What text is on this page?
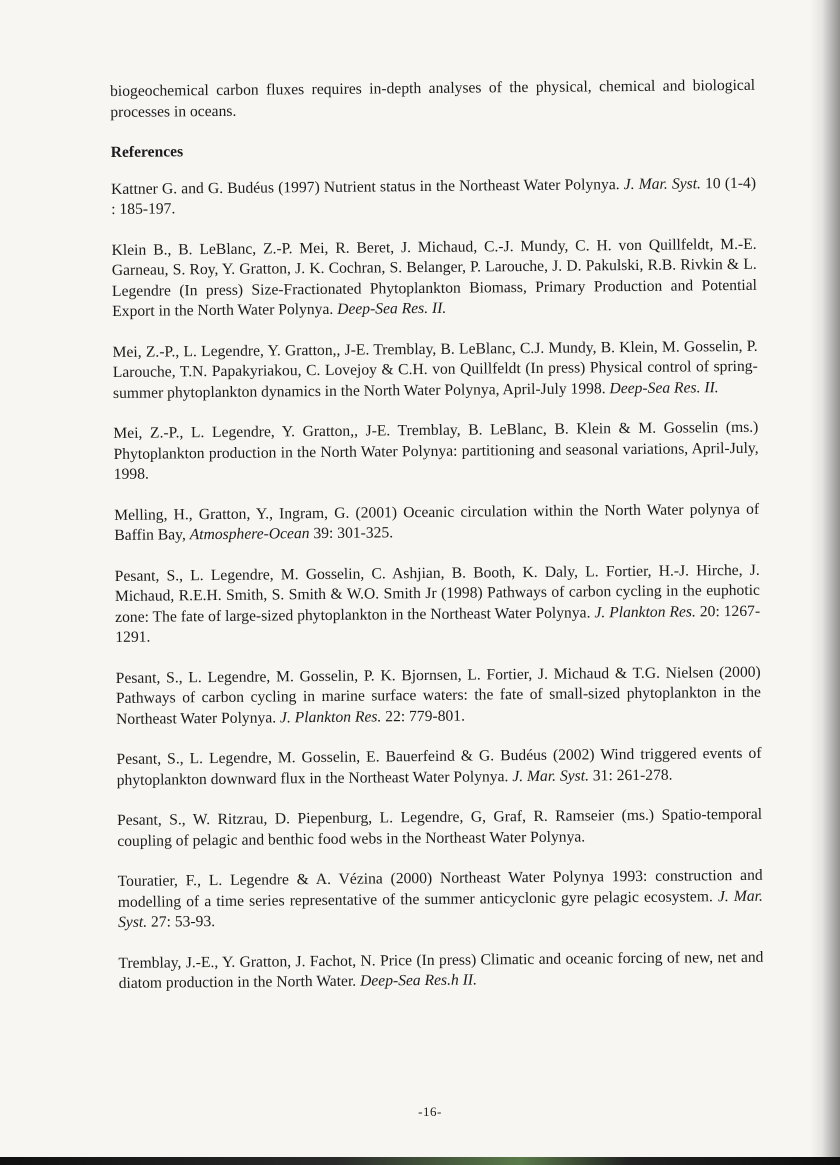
biogeochemical carbon fluxes requires in-depth analyses of the physical, chemical and biological processes in oceans.

References

Kattner G. and G. Budéus (1997) Nutrient status in the Northeast Water Polynya. J. Mar. Syst. 10 (1-4) : 185-197.

Klein B., B. LeBlanc, Z.-P. Mei, R. Beret, J. Michaud, C.-J. Mundy, C. H. von Quillfeldt, M.-E. Garneau, S. Roy, Y. Gratton, J. K. Cochran, S. Belanger, P. Larouche, J. D. Pakulski, R.B. Rivkin & L. Legendre (In press) Size-Fractionated Phytoplankton Biomass, Primary Production and Potential Export in the North Water Polynya. Deep-Sea Res. II.

Mei, Z.-P., L. Legendre, Y. Gratton,, J-E. Tremblay, B. LeBlanc, C.J. Mundy, B. Klein, M. Gosselin, P. Larouche, T.N. Papakyriakou, C. Lovejoy & C.H. von Quillfeldt (In press) Physical control of spring-summer phytoplankton dynamics in the North Water Polynya, April-July 1998. Deep-Sea Res. II.

Mei, Z.-P., L. Legendre, Y. Gratton,, J-E. Tremblay, B. LeBlanc, B. Klein & M. Gosselin (ms.) Phytoplankton production in the North Water Polynya: partitioning and seasonal variations, April-July, 1998.

Melling, H., Gratton, Y., Ingram, G. (2001) Oceanic circulation within the North Water polynya of Baffin Bay, Atmosphere-Ocean 39: 301-325.

Pesant, S., L. Legendre, M. Gosselin, C. Ashjian, B. Booth, K. Daly, L. Fortier, H.-J. Hirche, J. Michaud, R.E.H. Smith, S. Smith & W.O. Smith Jr (1998) Pathways of carbon cycling in the euphotic zone: The fate of large-sized phytoplankton in the Northeast Water Polynya. J. Plankton Res. 20: 1267-1291.

Pesant, S., L. Legendre, M. Gosselin, P. K. Bjornsen, L. Fortier, J. Michaud & T.G. Nielsen (2000) Pathways of carbon cycling in marine surface waters: the fate of small-sized phytoplankton in the Northeast Water Polynya. J. Plankton Res. 22: 779-801.

Pesant, S., L. Legendre, M. Gosselin, E. Bauerfeind & G. Budéus (2002) Wind triggered events of phytoplankton downward flux in the Northeast Water Polynya. J. Mar. Syst. 31: 261-278.

Pesant, S., W. Ritzrau, D. Piepenburg, L. Legendre, G, Graf, R. Ramseier (ms.) Spatio-temporal coupling of pelagic and benthic food webs in the Northeast Water Polynya.

Touratier, F., L. Legendre & A. Vézina (2000) Northeast Water Polynya 1993: construction and modelling of a time series representative of the summer anticyclonic gyre pelagic ecosystem. J. Mar. Syst. 27: 53-93.

Tremblay, J.-E., Y. Gratton, J. Fachot, N. Price (In press) Climatic and oceanic forcing of new, net and diatom production in the North Water. Deep-Sea Res.h II.

-16-
